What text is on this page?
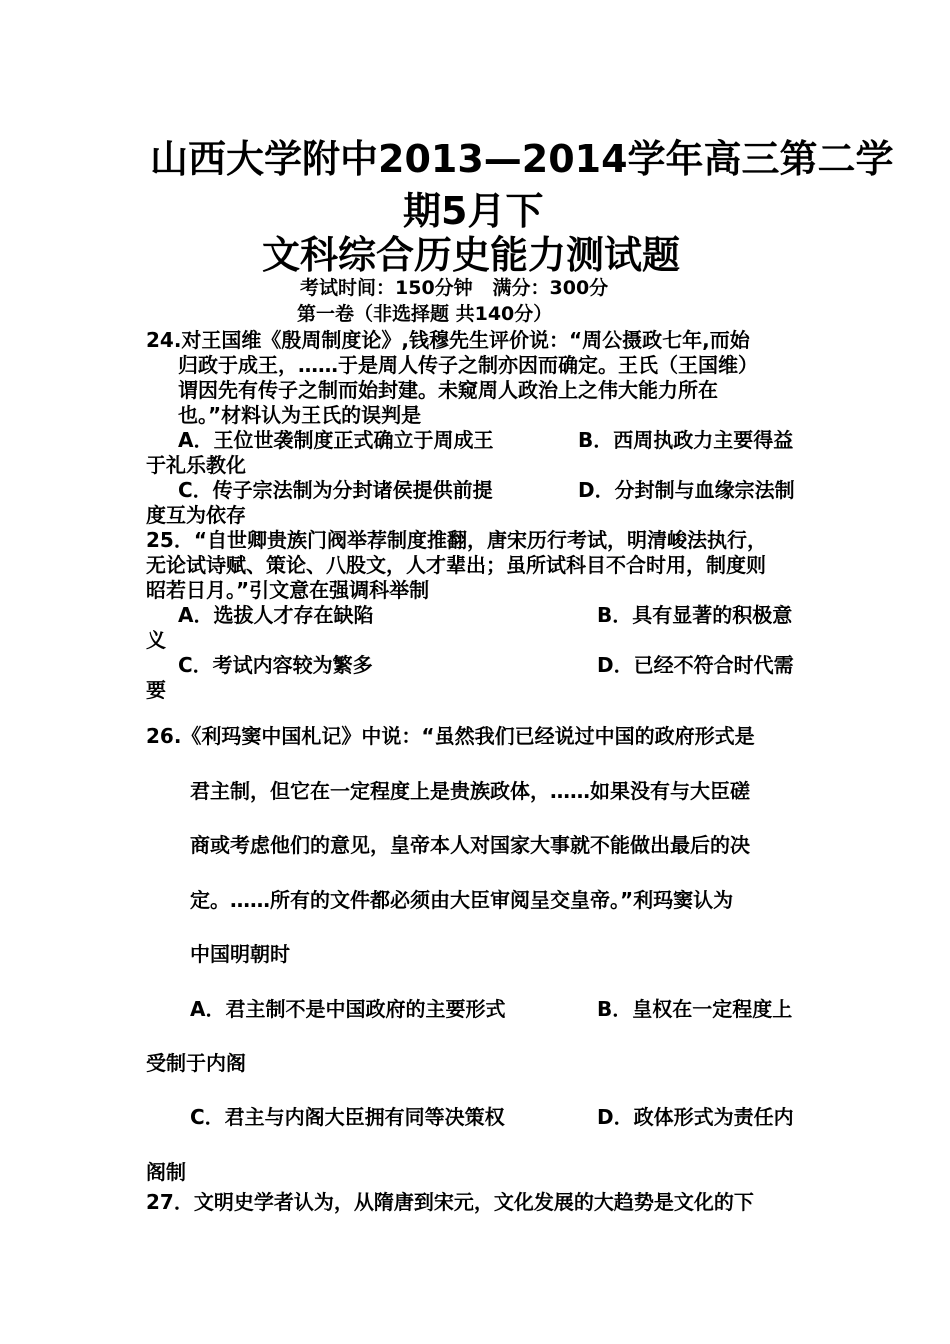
山西大学附中2013—2014学年高三第二学
期5月下
文科综合历史能力测试题
考试时间：150分钟   满分：300分
第一卷（非选择题 共140分）
24.对王国维《殷周制度论》,钱穆先生评价说：“周公摄政七年,而始
归政于成王，……于是周人传子之制亦因而确定。王氏（王国维）
谓因先有传子之制而始封建。未窥周人政治上之伟大能力所在
也。”材料认为王氏的误判是
A．王位世袭制度正式确立于周成王	B．西周执政力主要得益
于礼乐教化
C．传子宗法制为分封诸侯提供前提	D．分封制与血缘宗法制
度互为依存
25．“自世卿贵族门阀举荐制度推翻，唐宋历行考试，明清峻法执行，
无论试诗赋、策论、八股文，人才辈出；虽所试科目不合时用，制度则
昭若日月。”引文意在强调科举制
A．选拔人才存在缺陷	B．具有显著的积极意
义
C．考试内容较为繁多	D．已经不符合时代需
要
26.《利玛窦中国札记》中说：“虽然我们已经说过中国的政府形式是
君主制，但它在一定程度上是贵族政体，……如果没有与大臣磋
商或考虑他们的意见，皇帝本人对国家大事就不能做出最后的决
定。……所有的文件都必须由大臣审阅呈交皇帝。”利玛窦认为
中国明朝时
A．君主制不是中国政府的主要形式	B．皇权在一定程度上
受制于内阁
C．君主与内阁大臣拥有同等决策权	D．政体形式为责任内
阁制
27．文明史学者认为，从隋唐到宋元，文化发展的大趋势是文化的下
